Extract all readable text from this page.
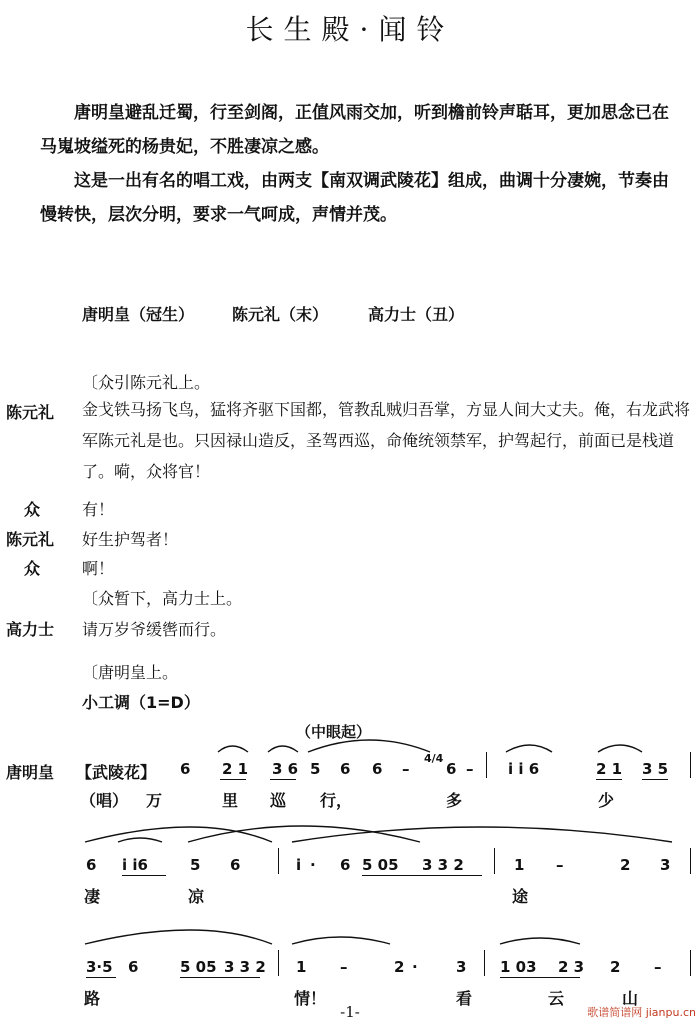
长生殿·闻铃

唐明皇避乱迁蜀，行至剑阁，正值风雨交加，听到檐前铃声聒耳，更加思念已在马嵬坡缢死的杨贵妃，不胜凄凉之感。

这是一出有名的唱工戏，由两支【南双调武陵花】组成，曲调十分凄婉，节奏由慢转快，层次分明，要求一气呵成，声情并茂。

唐明皇（冠生） 陈元礼（末） 高力士（丑）
〔众引陈元礼上。
陈元礼 金戈铁马扬飞鸟，猛将齐驱下国都，管教乱贼归吾掌，方显人间大丈夫。俺，右龙武将军陈元礼是也。只因禄山造反，圣驾西巡，命俺统领禁军，护驾起行，前面已是栈道了。嗬，众将官！
众	有！
陈元礼 好生护驾者！
众	啊！
〔众暂下，高力士上。
高力士 请万岁爷缓辔而行。
〔唐明皇上。
小工调（1=D）
（中眼起）
唐明皇 【武陵花】
（唱）
6 2 1 3 6 5 6 6 –
4/4
6 – i i 6	2 1 3 5
万	里 巡 行，	多	少
6 i i6	5 6	i · 6 5 05 3 3 2	1 –	2 3
凄	凉	途
3·5 6	5 05 3 3 2 1 –	2 ·	3 1 03 2 3 2 –
路	情！	看	云	山
-1-	歌谱简谱网 jianpu.cn
